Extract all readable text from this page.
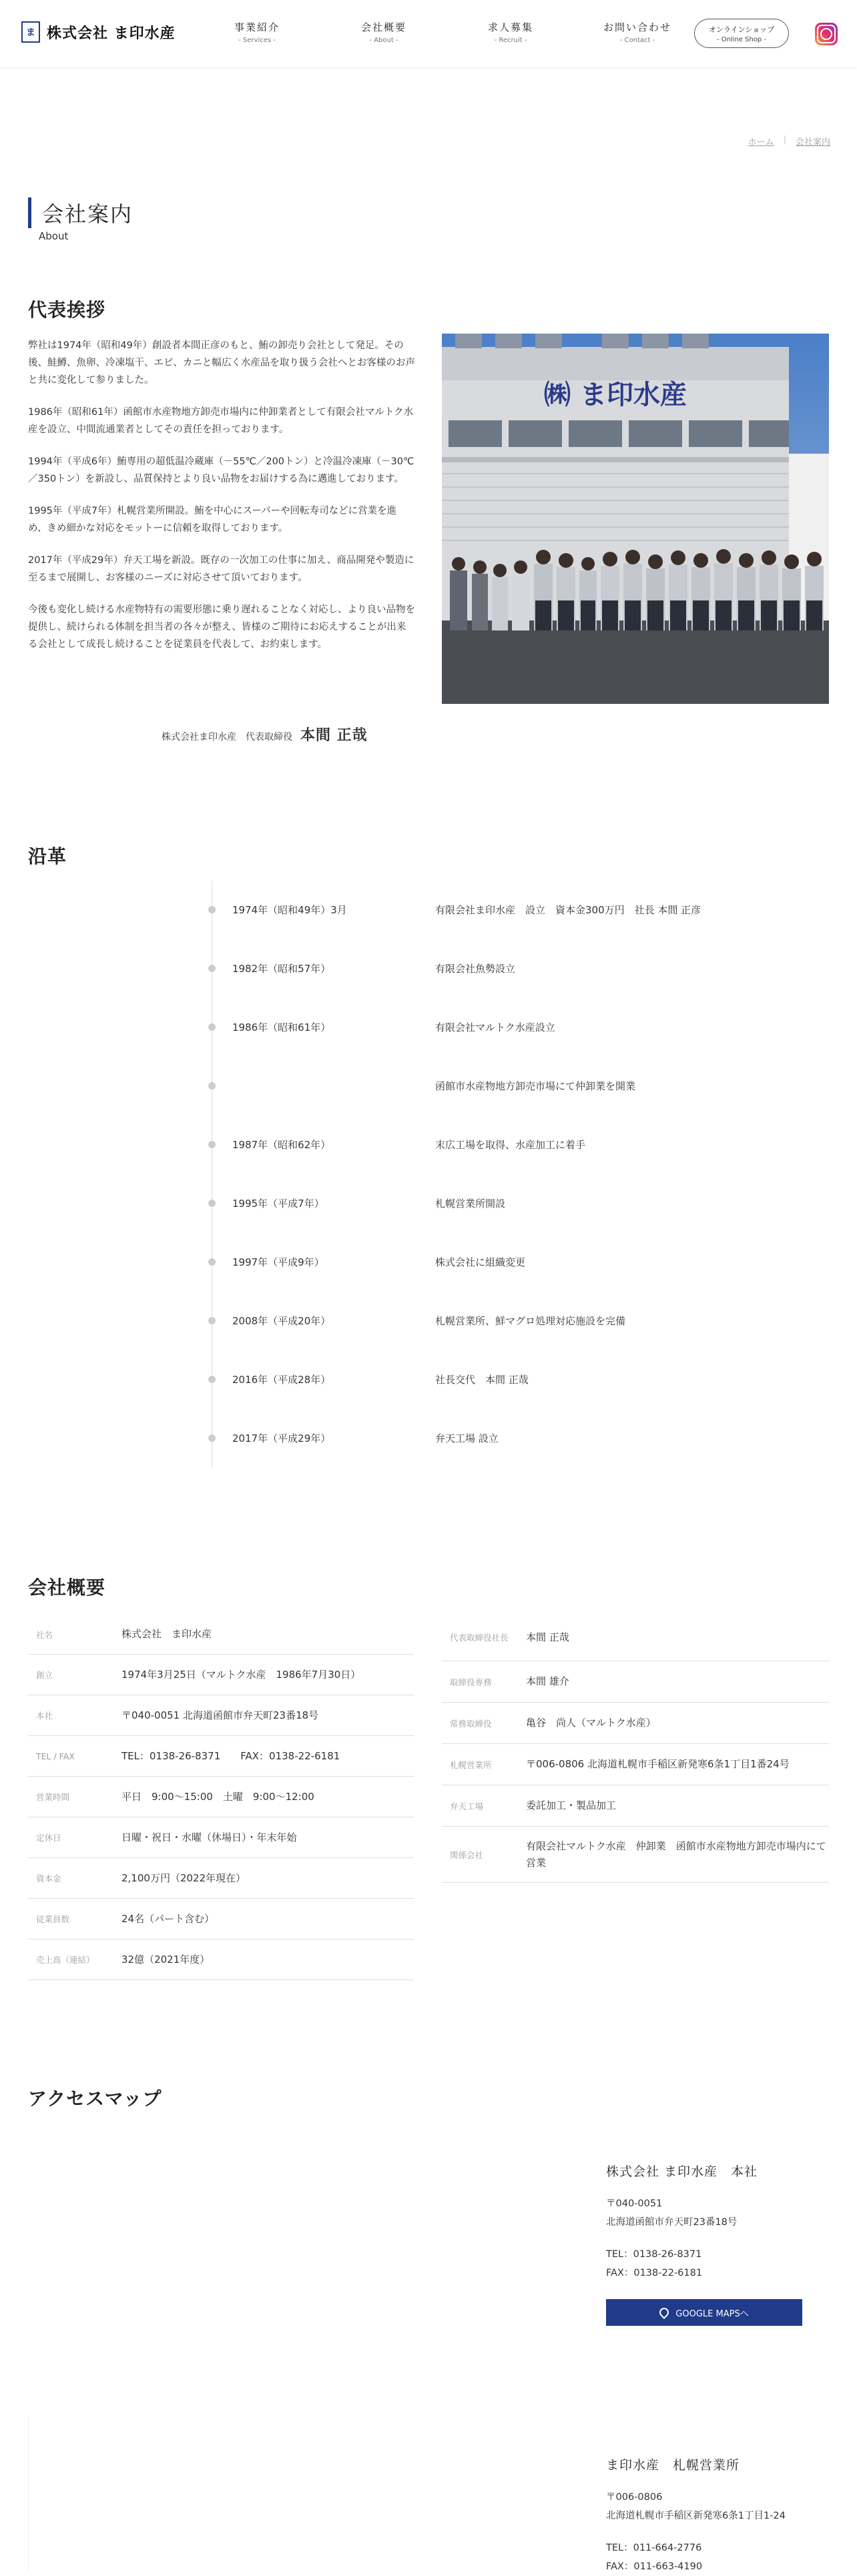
ま 株式会社 ま印水産	事業紹介
- Services -
会社概要
- About -
求人募集
- Recruit -
お問い合わせ
- Contact -
オンラインショップ
- Online Shop -
ホーム | 会社案内
会社案内
About
代表挨拶

弊社は1974年（昭和49年）創設者本間正彦のもと、鮪の卸売り会社として発足。その後、鮭鱒、魚卵、冷凍塩干、エビ、カニと幅広く水産品を取り扱う会社へとお客様のお声と共に変化して参りました。

1986年（昭和61年）函館市水産物地方卸売市場内に仲卸業者として有限会社マルトク水産を設立、中間流通業者としてその責任を担っております。

1994年（平成6年）鮪専用の超低温冷蔵庫（－55℃／200トン）と冷温冷凍庫（－30℃／350トン）を新設し、品質保持とより良い品物をお届けする為に邁進しております。

1995年（平成7年）札幌営業所開設。鮪を中心にスーパーや回転寿司などに営業を進め、きめ細かな対応をモットーに信頼を取得しております。

2017年（平成29年）弁天工場を新設。既存の一次加工の仕事に加え、商品開発や製造に至るまで展開し、お客様のニーズに対応させて頂いております。

今後も変化し続ける水産物特有の需要形態に乗り遅れることなく対応し、より良い品物を提供し、続けられる体制を担当者の各々が整え、皆様のご期待にお応えすることが出来る会社として成長し続けることを従業員を代表して、お約束します。

株式会社ま印水産　代表取締役 本間 正哉
㈱ ま印水産
沿革
1974年（昭和49年）3月	有限会社ま印水産　設立　資本金300万円　社長 本間 正彦
1982年（昭和57年）	有限会社魚勢設立
1986年（昭和61年）	有限会社マルトク水産設立
函館市水産物地方卸売市場にて仲卸業を開業
1987年（昭和62年）	末広工場を取得、水産加工に着手
1995年（平成7年）	札幌営業所開設
1997年（平成9年）	株式会社に組織変更
2008年（平成20年）	札幌営業所、鮮マグロ処理対応施設を完備
2016年（平成28年）	社長交代　本間 正哉
2017年（平成29年）	弁天工場 設立
会社概要
社名	株式会社　ま印水産
創立	1974年3月25日（マルトク水産　1986年7月30日）
本社	〒040-0051 北海道函館市弁天町23番18号
TEL / FAX	TEL：0138-26-8371　　FAX：0138-22-6181
営業時間	平日　9:00〜15:00　土曜　9:00〜12:00
定休日	日曜・祝日・水曜（休場日）・年末年始
資本金	2,100万円（2022年現在）
従業員数	24名（パート含む）
売上高（連結）	32億（2021年度）
代表取締役社長	本間 正哉
取締役専務	本間 雄介
常務取締役	亀谷　尚人（マルトク水産）
札幌営業所	〒006-0806 北海道札幌市手稲区新発寒6条1丁目1番24号
弁天工場	委託加工・製品加工
関係会社
有限会社マルトク水産　仲卸業　函館市水産物地方卸売市場内にて営業
アクセスマップ
株式会社 ま印水産　本社
〒040-0051
北海道函館市弁天町23番18号
TEL：0138-26-8371
FAX：0138-22-6181
GOOGLE MAPSへ
ま印水産　札幌営業所
〒006-0806
北海道札幌市手稲区新発寒6条1丁目1-24
TEL：011-664-2776
FAX：011-663-4190
